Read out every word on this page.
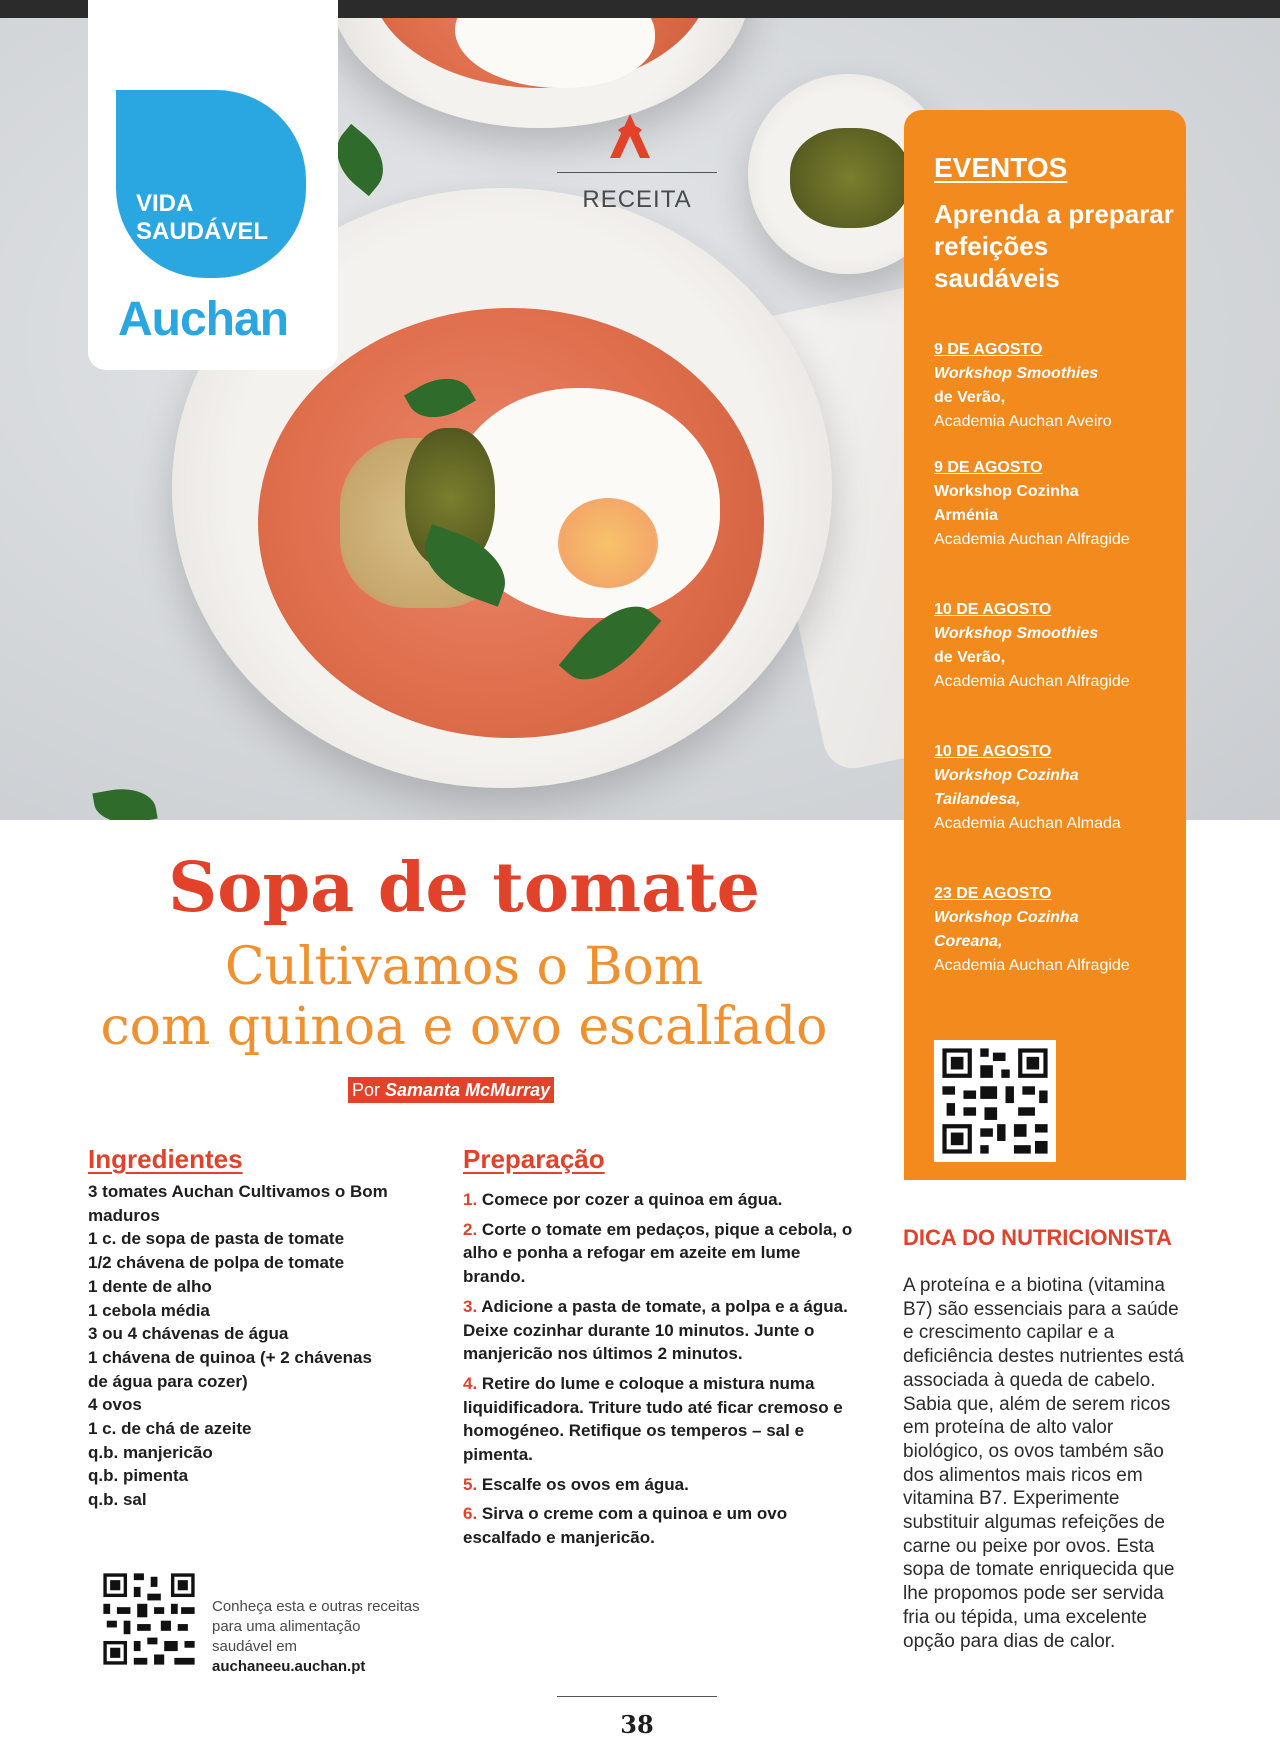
VIDA
SAUDÁVEL
Auchan
RECEITA
EVENTOS
Aprenda a preparar refeições saudáveis
9 DE AGOSTO
Workshop Smoothies
de Verão,
Academia Auchan Aveiro
9 DE AGOSTO
Workshop Cozinha
Arménia
Academia Auchan Alfragide
10 DE AGOSTO
Workshop Smoothies
de Verão,
Academia Auchan Alfragide
10 DE AGOSTO
Workshop Cozinha
Tailandesa,
Academia Auchan Almada
23 DE AGOSTO
Workshop Cozinha
Coreana,
Academia Auchan Alfragide
Sopa de tomate
Cultivamos o Bom
com quinoa e ovo escalfado
Por Samanta McMurray
Ingredientes
3 tomates Auchan Cultivamos o Bom maduros
1 c. de sopa de pasta de tomate
1/2 chávena de polpa de tomate
1 dente de alho
1 cebola média
3 ou 4 chávenas de água
1 chávena de quinoa (+ 2 chávenas de água para cozer)
4 ovos
1 c. de chá de azeite
q.b. manjericão
q.b. pimenta
q.b. sal
Preparação
1. Comece por cozer a quinoa em água.
2. Corte o tomate em pedaços, pique a cebola, o alho e ponha a refogar em azeite em lume brando.
3. Adicione a pasta de tomate, a polpa e a água. Deixe cozinhar durante 10 minutos. Junte o manjericão nos últimos 2 minutos.
4. Retire do lume e coloque a mistura numa liquidificadora. Triture tudo até ficar cremoso e homogéneo. Retifique os temperos – sal e pimenta.
5. Escalfe os ovos em água.
6. Sirva o creme com a quinoa e um ovo escalfado e manjericão.
DICA DO NUTRICIONISTA
A proteína e a biotina (vitamina B7) são essenciais para a saúde e crescimento capilar e a deficiência destes nutrientes está associada à queda de cabelo. Sabia que, além de serem ricos em proteína de alto valor biológico, os ovos também são dos alimentos mais ricos em vitamina B7. Experimente substituir algumas refeições de carne ou peixe por ovos. Esta sopa de tomate enriquecida que lhe propomos pode ser servida fria ou tépida, uma excelente opção para dias de calor.
Conheça esta e outras receitas para uma alimentação saudável em
auchaneeu.auchan.pt
38
